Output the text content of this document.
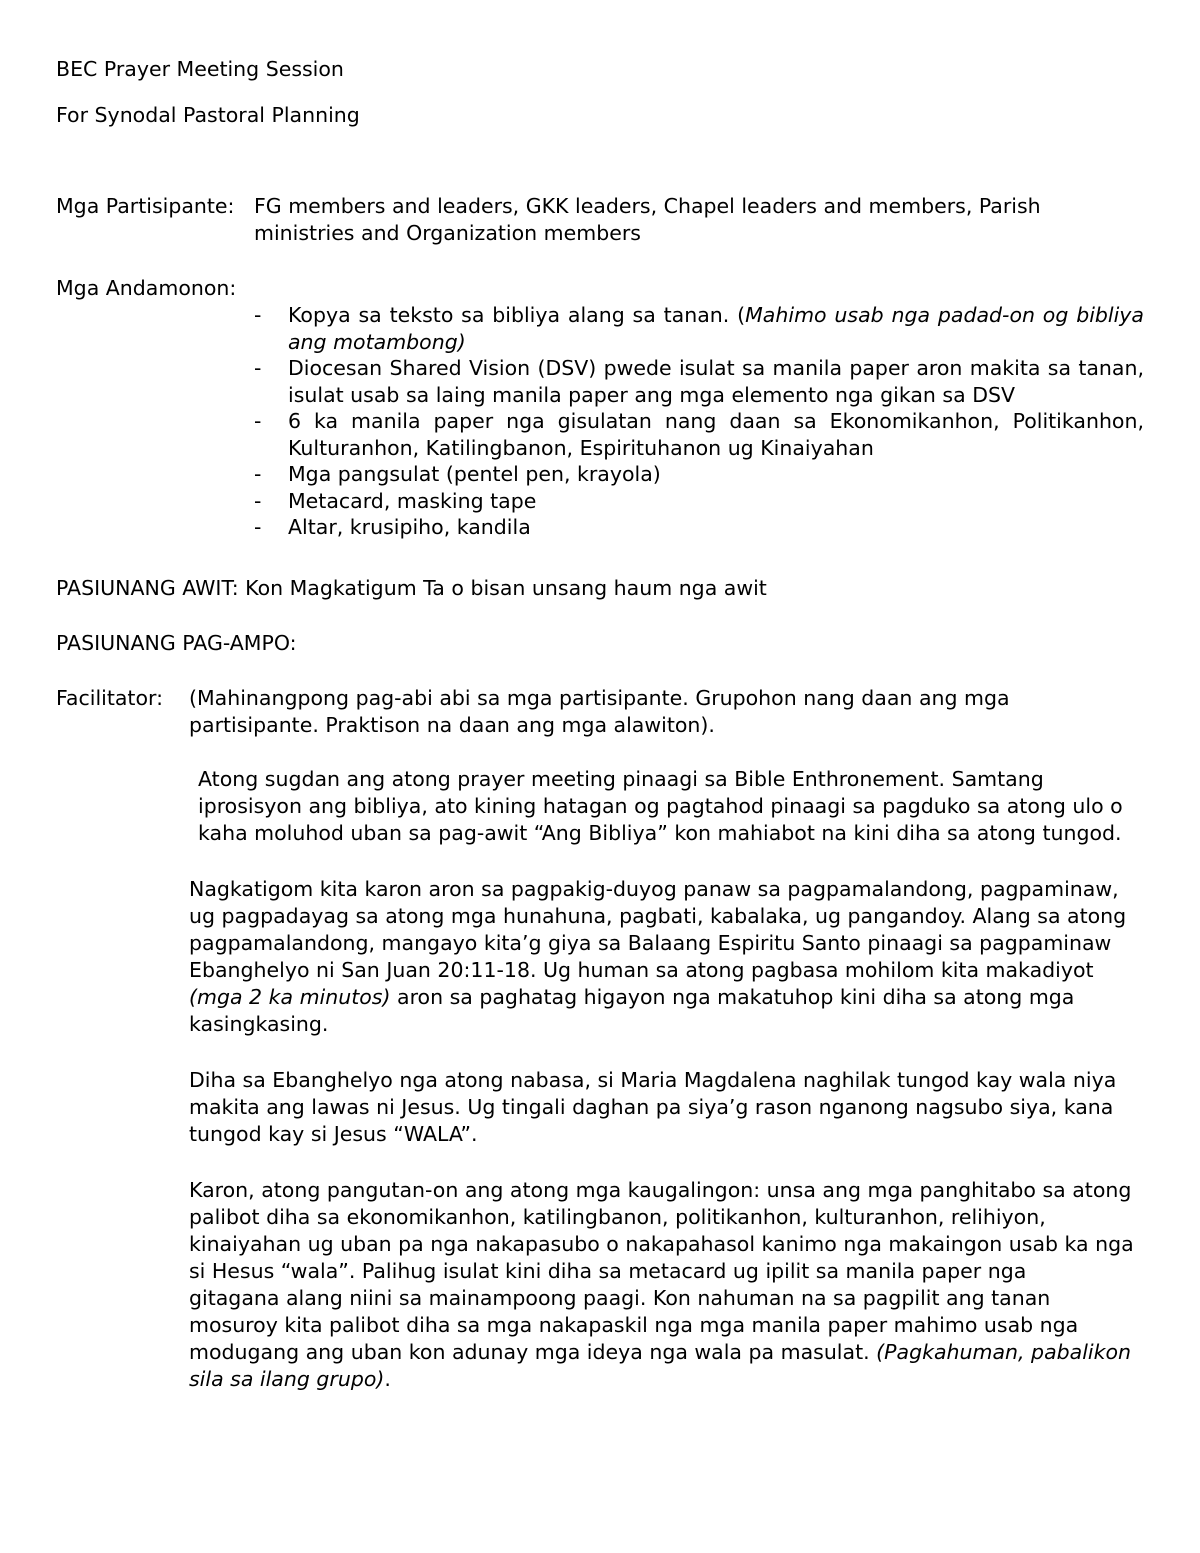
BEC Prayer Meeting Session
For Synodal Pastoral Planning
Mga Partisipante: FG members and leaders, GKK leaders, Chapel leaders and members, Parish
ministries and Organization members
Mga Andamonon:
- Kopya sa teksto sa bibliya alang sa tanan. (Mahimo usab nga padad-on og bibliya ang motambong)
- Diocesan Shared Vision (DSV) pwede isulat sa manila paper aron makita sa tanan, isulat usab sa laing manila paper ang mga elemento nga gikan sa DSV
- 6 ka manila paper nga gisulatan nang daan sa Ekonomikanhon, Politikanhon, Kulturanhon, Katilingbanon, Espirituhanon ug Kinaiyahan
- Mga pangsulat (pentel pen, krayola)
- Metacard, masking tape
- Altar, krusipiho, kandila
PASIUNANG AWIT: Kon Magkatigum Ta o bisan unsang haum nga awit
PASIUNANG PAG-AMPO:
Facilitator: (Mahinangpong pag-abi abi sa mga partisipante. Grupohon nang daan ang mga
partisipante. Praktison na daan ang mga alawiton).
Atong sugdan ang atong prayer meeting pinaagi sa Bible Enthronement. Samtang
iprosisyon ang bibliya, ato kining hatagan og pagtahod pinaagi sa pagduko sa atong ulo o
kaha moluhod uban sa pag-awit “Ang Bibliya” kon mahiabot na kini diha sa atong tungod.
Nagkatigom kita karon aron sa pagpakig-duyog panaw sa pagpamalandong, pagpaminaw,
ug pagpadayag sa atong mga hunahuna, pagbati, kabalaka, ug pangandoy. Alang sa atong
pagpamalandong, mangayo kita’g giya sa Balaang Espiritu Santo pinaagi sa pagpaminaw
Ebanghelyo ni San Juan 20:11-18. Ug human sa atong pagbasa mohilom kita makadiyot
(mga 2 ka minutos) aron sa paghatag higayon nga makatuhop kini diha sa atong mga
kasingkasing.
Diha sa Ebanghelyo nga atong nabasa, si Maria Magdalena naghilak tungod kay wala niya
makita ang lawas ni Jesus. Ug tingali daghan pa siya’g rason nganong nagsubo siya, kana
tungod kay si Jesus “WALA”.
Karon, atong pangutan-on ang atong mga kaugalingon: unsa ang mga panghitabo sa atong
palibot diha sa ekonomikanhon, katilingbanon, politikanhon, kulturanhon, relihiyon,
kinaiyahan ug uban pa nga nakapasubo o nakapahasol kanimo nga makaingon usab ka nga
si Hesus “wala”. Palihug isulat kini diha sa metacard ug ipilit sa manila paper nga
gitagana alang niini sa mainampoong paagi. Kon nahuman na sa pagpilit ang tanan
mosuroy kita palibot diha sa mga nakapaskil nga mga manila paper mahimo usab nga
modugang ang uban kon adunay mga ideya nga wala pa masulat. (Pagkahuman, pabalikon
sila sa ilang grupo).
